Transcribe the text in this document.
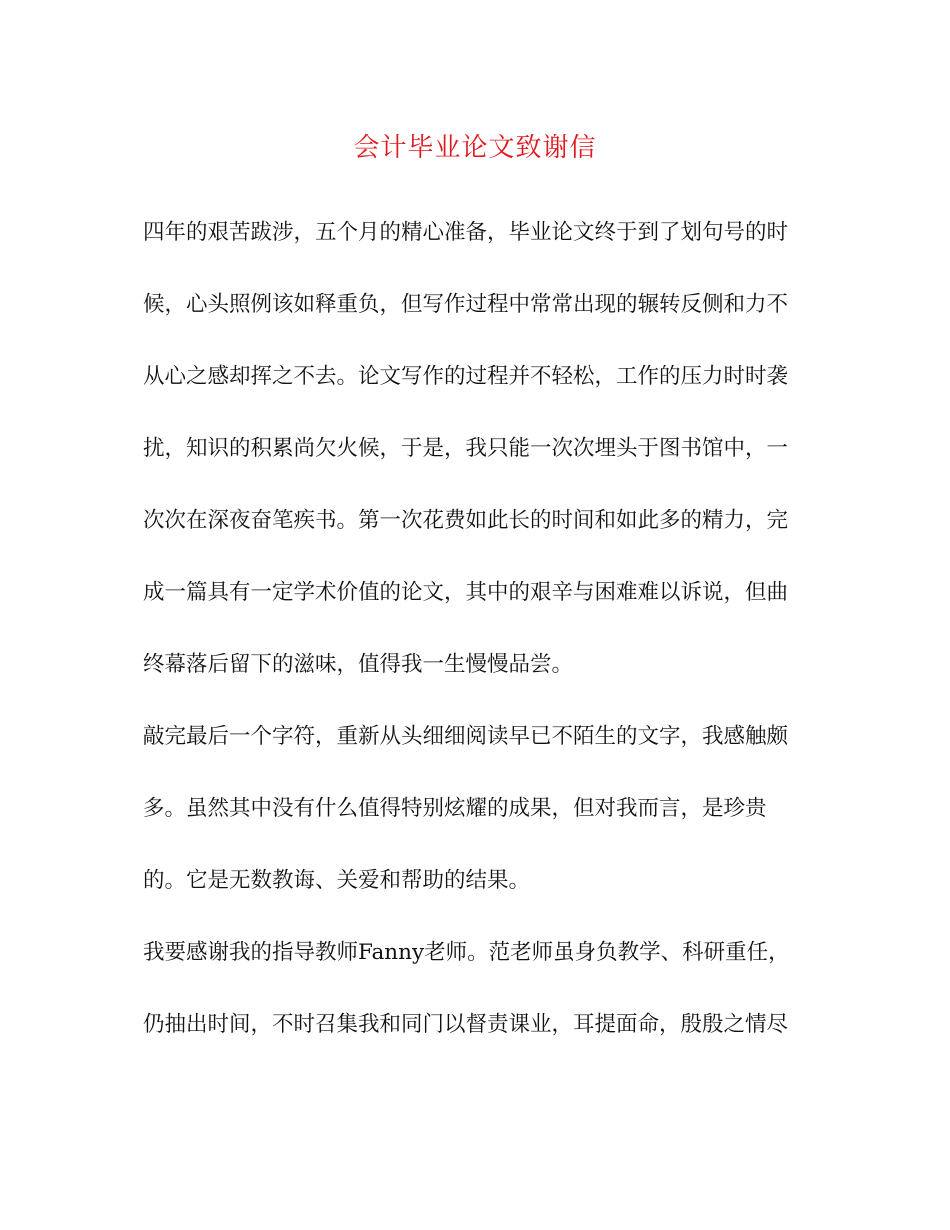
会计毕业论文致谢信
四年的艰苦跋涉，五个月的精心准备，毕业论文终于到了划句号的时
候，心头照例该如释重负，但写作过程中常常出现的辗转反侧和力不
从心之感却挥之不去。论文写作的过程并不轻松，工作的压力时时袭
扰，知识的积累尚欠火候，于是，我只能一次次埋头于图书馆中，一
次次在深夜奋笔疾书。第一次花费如此长的时间和如此多的精力，完
成一篇具有一定学术价值的论文，其中的艰辛与困难难以诉说，但曲
终幕落后留下的滋味，值得我一生慢慢品尝。
敲完最后一个字符，重新从头细细阅读早已不陌生的文字，我感触颇
多。虽然其中没有什么值得特别炫耀的成果，但对我而言，是珍贵
的。它是无数教诲、关爱和帮助的结果。
我要感谢我的指导教师Fanny老师。范老师虽身负教学、科研重任，
仍抽出时间，不时召集我和同门以督责课业，耳提面命，殷殷之情尽
